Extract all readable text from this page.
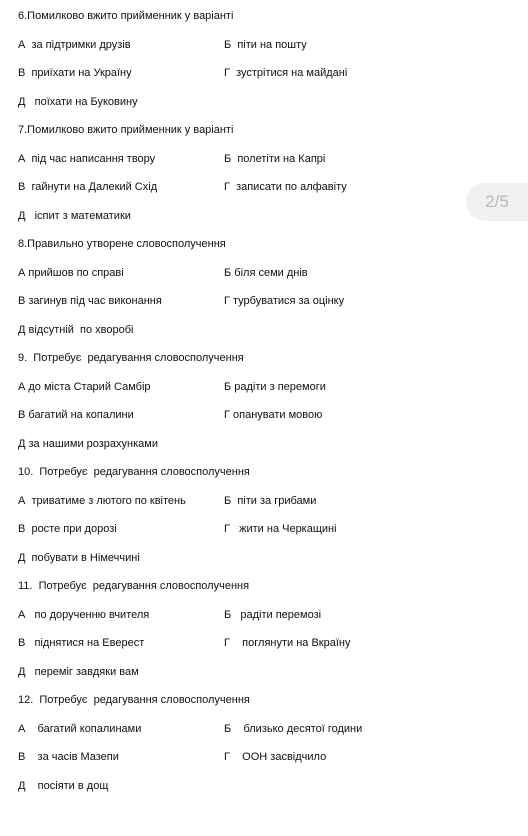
2/5
6.Помилково вжито прийменник у варіанті
А  за підтримки друзів	Б  піти на пошту
В  приїхати на Україну	Г  зустрітися на майдані
Д   поїхати на Буковину
7.Помилково вжито прийменник у варіанті
А  під час написання твору	Б  полетіти на Капрі
В  гайнути на Далекий Схід	Г  записати по алфавіту
Д   іспит з математики
8.Правильно утворене словосполучення
А прийшов по справі	Б біля семи днів
В загинув під час виконання	Г турбуватися за оцінку
Д відсутній  по хворобі
9.  Потребує  редагування словосполучення
А до міста Старий Самбір	Б радіти з перемоги
В багатий на копалини	Г опанувати мовою
Д за нашими розрахунками
10.  Потребує  редагування словосполучення
А  триватиме з лютого по квітень	Б  піти за грибами
В  росте при дорозі	Г   жити на Черкащині
Д  побувати в Німеччині
11.  Потребує  редагування словосполучення
А   по дорученню вчителя	Б   радіти перемозі
В   піднятися на Еверест	Г    поглянути на Вкраїну
Д   переміг завдяки вам
12.  Потребує  редагування словосполучення
А    багатий копалинами	Б    близько десятої години
В    за часів Мазепи	Г    ООН засвідчило
Д    посіяти в дощ
